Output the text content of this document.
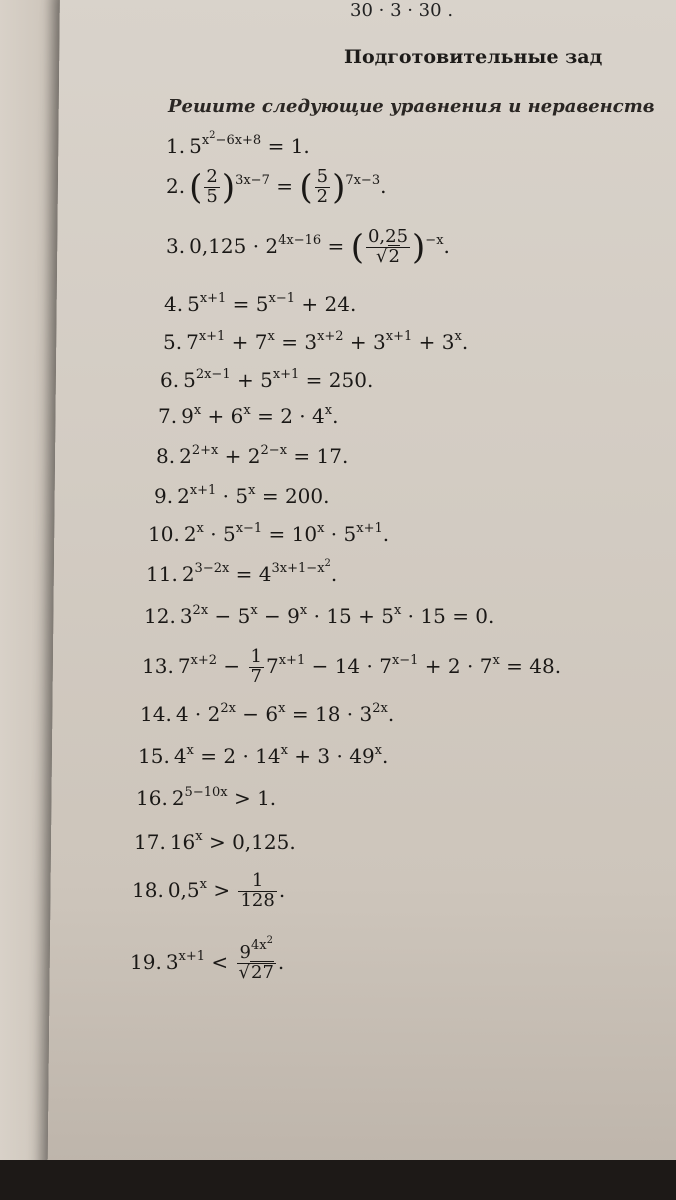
30 · 3 · 30 .
Подготовительные зад
Решите следующие уравнения и неравенств
1. $5^{x^2-6x+8} = 1$.
2. ( $\frac{2}{5} )^{3x-7}$ = ( $\frac{5}{2} )^{7x-3}$.
3. $0,125 \cdot 2^{4x-16}$ = ( $\frac{0,25}{√2} )^{-x}$.
4. $5^{x+1} = 5^{x-1} + 24$.
5. $7^{x+1} + 7^x = 3^{x+2} + 3^{x+1} + 3^x$.
6. $5^{2x-1} + 5^{x+1} = 250$.
7. $9^x + 6^x = 2 \cdot 4^x$.
8. $2^{2+x} + 2^{2-x} = 17$.
9. $2^{x+1} \cdot 5^x = 200$.
10. $2^x \cdot 5^{x-1} = 10^x \cdot 5^{x+1}$.
11. $2^{3-2x} = 4^{3x+1-x^2}$.
12. $3^{2x} - 5^x - 9^x \cdot 15 + 5^x \cdot 15 = 0$.
13. $7^{x+2} - \frac{1}{7} 7^{x+1} - 14 \cdot 7^{x-1} + 2 \cdot 7^x = 48$.
14. $4 \cdot 2^{2x} - 6^x = 18 \cdot 3^{2x}$.
15. $4^x = 2 \cdot 14^x + 3 \cdot 49^x$.
16. $2^{5-10x} > 1$.
17. $16^x > 0,125$.
18. $0,5^x > \frac{1}{128}$ .
19. $3^{x+1} < \frac{9^{4x^2}}{√27}$ .
